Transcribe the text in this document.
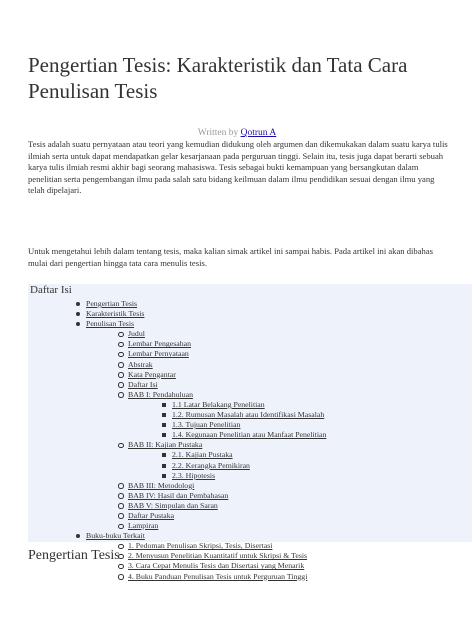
Pengertian Tesis: Karakteristik dan Tata Cara Penulisan Tesis
Written by Qotrun A

Tesis adalah suatu pernyataan atau teori yang kemudian didukung oleh argumen dan dikemukakan dalam suatu karya tulis ilmiah serta untuk dapat mendapatkan gelar kesarjanaan pada perguruan tinggi. Selain itu, tesis juga dapat berarti sebuah karya tulis ilmiah resmi akhir bagi seorang mahasiswa. Tesis sebagai bukti kemampuan yang bersangkutan dalam penelitian serta pengembangan ilmu pada salah satu bidang keilmuan dalam ilmu pendidikan sesuai dengan ilmu yang telah dipelajari.

Untuk mengetahui lebih dalam tentang tesis, maka kalian simak artikel ini sampai habis. Pada artikel ini akan dibahas mulai dari pengertian hingga tata cara menulis tesis.

Daftar Isi
Pengertian Tesis
Karakteristik Tesis
Penulisan Tesis
Judul
Lembar Pengesahan
Lembar Pernyataan
Abstrak
Kata Pengantar
Daftar Isi
BAB I: Pendahuluan
1.1 Latar Belakang Penelitian
1.2. Rumusan Masalah atau Identifikasi Masalah
1.3. Tujuan Penelitian
1.4. Kegunaan Penelitian atau Manfaat Penelitian
BAB II: Kajian Pustaka
2.1. Kajian Pustaka
2.2. Kerangka Pemikiran
2.3. Hipotesis
BAB III: Metodologi
BAB IV: Hasil dan Pembahasan
BAB V: Simpulan dan Saran
Daftar Pustaka
Lampiran
Buku-buku Terkait
1. Pedoman Penulisan Skripsi, Tesis, Disertasi
2. Menyusun Penelitian Kuantitatif untuk Skripsi & Tesis
3. Cara Cepat Menulis Tesis dan Disertasi yang Menarik
4. Buku Panduan Penulisan Tesis untuk Perguruan Tinggi
Pengertian Tesis
